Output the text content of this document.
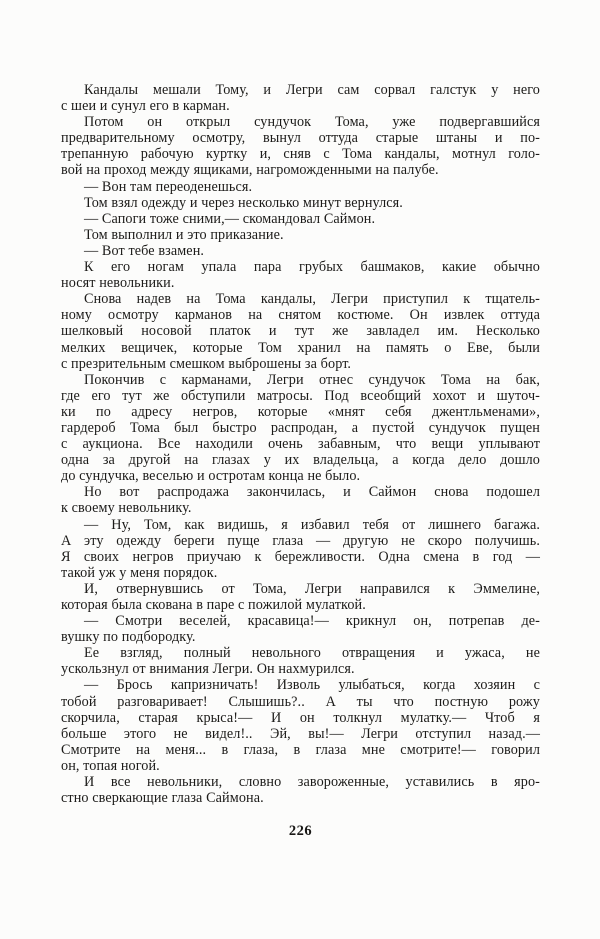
Кандалы мешали Тому, и Легри сам сорвал галстук у него
с шеи и сунул его в карман.
Потом он открыл сундучок Тома, уже подвергавшийся
предварительному осмотру, вынул оттуда старые штаны и по-
трепанную рабочую куртку и, сняв с Тома кандалы, мотнул голо-
вой на проход между ящиками, нагроможденными на палубе.
— Вон там переоденешься.
Том взял одежду и через несколько минут вернулся.
— Сапоги тоже сними,— скомандовал Саймон.
Том выполнил и это приказание.
— Вот тебе взамен.
К его ногам упала пара грубых башмаков, какие обычно
носят невольники.
Снова надев на Тома кандалы, Легри приступил к тщатель-
ному осмотру карманов на снятом костюме. Он извлек оттуда
шелковый носовой платок и тут же завладел им. Несколько
мелких вещичек, которые Том хранил на память о Еве, были
с презрительным смешком выброшены за борт.
Покончив с карманами, Легри отнес сундучок Тома на бак,
где его тут же обступили матросы. Под всеобщий хохот и шуточ-
ки по адресу негров, которые «мнят себя джентльменами»,
гардероб Тома был быстро распродан, а пустой сундучок пущен
с аукциона. Все находили очень забавным, что вещи уплывают
одна за другой на глазах у их владельца, а когда дело дошло
до сундучка, веселью и остротам конца не было.
Но вот распродажа закончилась, и Саймон снова подошел
к своему невольнику.
— Ну, Том, как видишь, я избавил тебя от лишнего багажа.
А эту одежду береги пуще глаза — другую не скоро получишь.
Я своих негров приучаю к бережливости. Одна смена в год —
такой уж у меня порядок.
И, отвернувшись от Тома, Легри направился к Эммелине,
которая была скована в паре с пожилой мулаткой.
— Смотри веселей, красавица!— крикнул он, потрепав де-
вушку по подбородку.
Ее взгляд, полный невольного отвращения и ужаса, не
ускользнул от внимания Легри. Он нахмурился.
— Брось капризничать! Изволь улыбаться, когда хозяин с
тобой разговаривает! Слышишь?.. А ты что постную рожу
скорчила, старая крыса!— И он толкнул мулатку.— Чтоб я
больше этого не видел!.. Эй, вы!— Легри отступил назад.—
Смотрите на меня... в глаза, в глаза мне смотрите!— говорил
он, топая ногой.
И все невольники, словно завороженные, уставились в яро-
стно сверкающие глаза Саймона.
226
